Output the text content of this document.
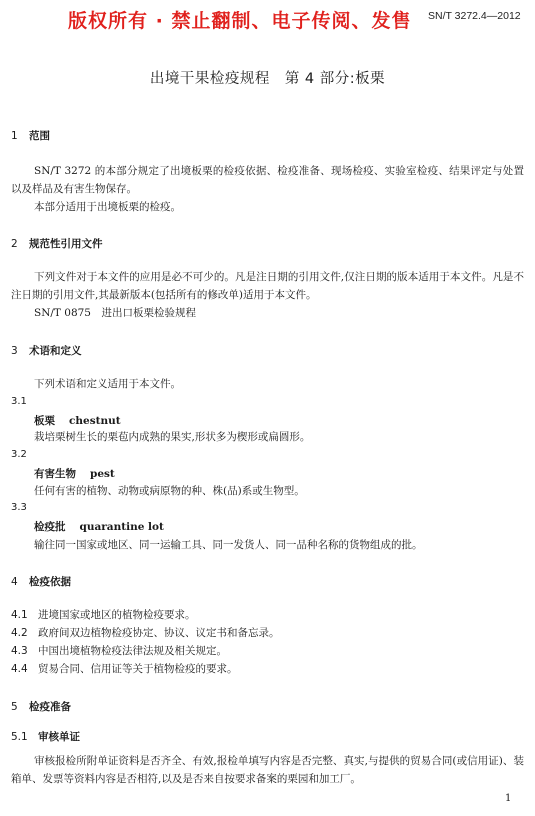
版权所有 · 禁止翻制、电子传阅、发售 SN/T 3272.4—2012
出境干果检疫规程　第 4 部分:板栗
1 范围
SN/T 3272 的本部分规定了出境板栗的检疫依据、检疫准备、现场检疫、实验室检疫、结果评定与处置以及样品及有害生物保存。
本部分适用于出境板栗的检疫。
2 规范性引用文件
下列文件对于本文件的应用是必不可少的。凡是注日期的引用文件,仅注日期的版本适用于本文件。凡是不注日期的引用文件,其最新版本(包括所有的修改单)适用于本文件。
SN/T 0875　进出口板栗检验规程
3 术语和定义
下列术语和定义适用于本文件。
3.1
板栗 chestnut
栽培栗树生长的栗苞内成熟的果实,形状多为楔形或扁圆形。
3.2
有害生物 pest
任何有害的植物、动物或病原物的种、株(品)系或生物型。
3.3
检疫批 quarantine lot
输往同一国家或地区、同一运输工具、同一发货人、同一品种名称的货物组成的批。
4 检疫依据
4.1 进境国家或地区的植物检疫要求。
4.2 政府间双边植物检疫协定、协议、议定书和备忘录。
4.3 中国出境植物检疫法律法规及相关规定。
4.4 贸易合同、信用证等关于植物检疫的要求。
5 检疫准备
5.1 审核单证
审核报检所附单证资料是否齐全、有效,报检单填写内容是否完整、真实,与提供的贸易合同(或信用证)、装箱单、发票等资料内容是否相符,以及是否来自按要求备案的栗园和加工厂。
1
